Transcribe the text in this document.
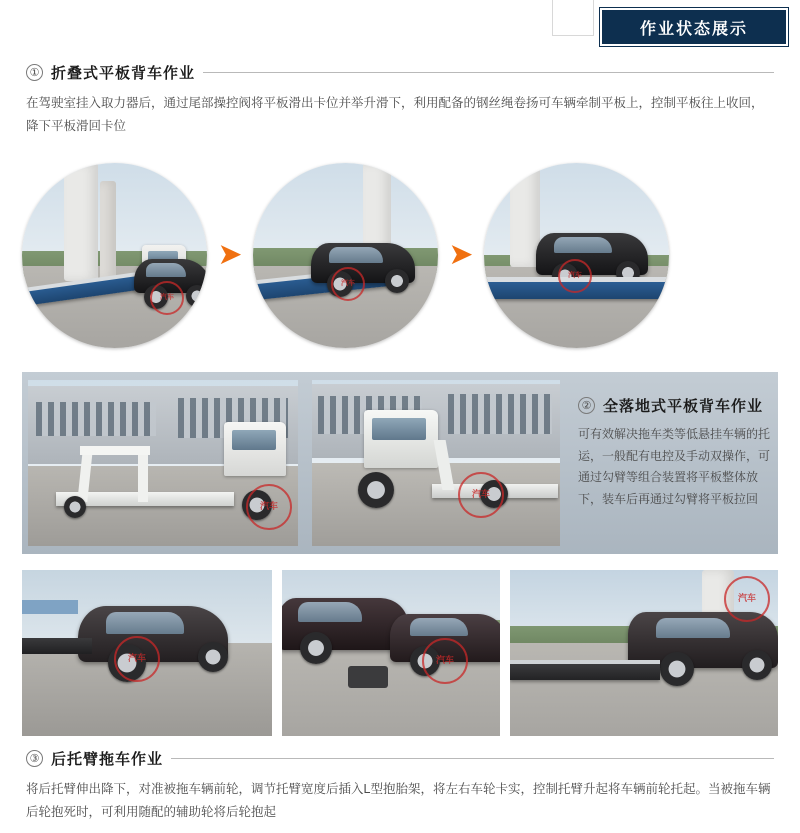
作业状态展示
① 折叠式平板背车作业
在驾驶室挂入取力器后，通过尾部操控阀将平板滑出卡位并举升滑下，利用配备的钢丝绳卷扬可车辆牵制平板上，控制平板往上收回，降下平板滑回卡位
汽车
➤
汽车
➤
汽车
汽车
汽车
② 全落地式平板背车作业
可有效解决拖车类等低悬挂车辆的托运，一般配有电控及手动双操作，可通过勾臂等组合装置将平板整体放下，装车后再通过勾臂将平板拉回
汽车	汽车
汽车
③ 后托臂拖车作业
将后托臂伸出降下，对准被拖车辆前轮，调节托臂宽度后插入L型抱胎架，将左右车轮卡实，控制托臂升起将车辆前轮托起。当被拖车辆后轮抱死时，可利用随配的辅助轮将后轮抱起
